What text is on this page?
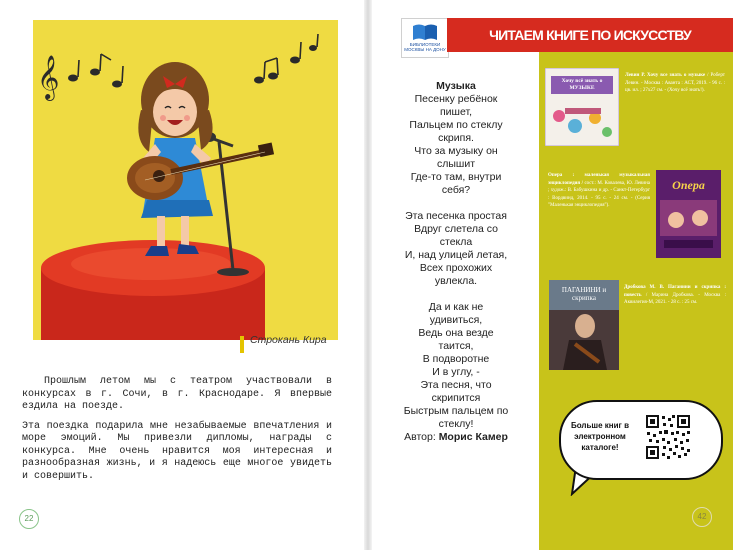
𝄞
Строкань Кира

Прошлым летом мы с театром участвовали в конкурсах в г. Сочи, в г. Краснодаре. Я впервые ездила на поезде.

Эта поездка подарила мне незабываемые впечатления и море эмоций. Мы привезли дипломы, награды с конкурса. Мне очень нравится моя интересная и разнообразная жизнь, и я надеюсь еще многое увидеть и совершить.

22
БИБЛИОТЕКИ МОСКВЫ НА ДОНУ
ЧИТАЕМ КНИГЕ ПО ИСКУССТВУ
Музыка
Песенку ребёнок
пишет,
Пальцем по стеклу
скрипя.
Что за музыку он
слышит
Где-то там, внутри
себя?
Эта песенка простая
Вдруг слетела со
стекла
И, над улицей летая,
Всех прохожих
увлекла.
Да и как не
удивиться,
Ведь она везде
таится,
В подворотне
И в углу, -
Эта песня, что
скрипится
Быстрым пальцем по
стеклу!
Автор: Морис Камер
Хочу всё знать о МУЗЫКЕ
Левин Р. Хочу все знать о музыке / Роберт Левин. - Москва : Аванта : АСТ, 2019. - 96 с. : цв. ил. ; 27х27 см. - (Хочу всё знать!).
Опера : маленькая музыкальная энциклопедия / сост.: М. Ковалева, Ю. Левина ; худож.: В. Бабушкина и др. - Санкт-Петербург : Вордвинд, 2014. - 95 с. - 24 см. - (Серия "Маленькая энциклопедия").
Опера
ПАГАНИНИ и скрипка
Дробкова М. В. Паганини и скрипка : повесть / Марина Дробкова. - Москва : Аквилегия-М, 2021. - 28 с. : 25 см.
Больше книг в электронном каталоге!
42
